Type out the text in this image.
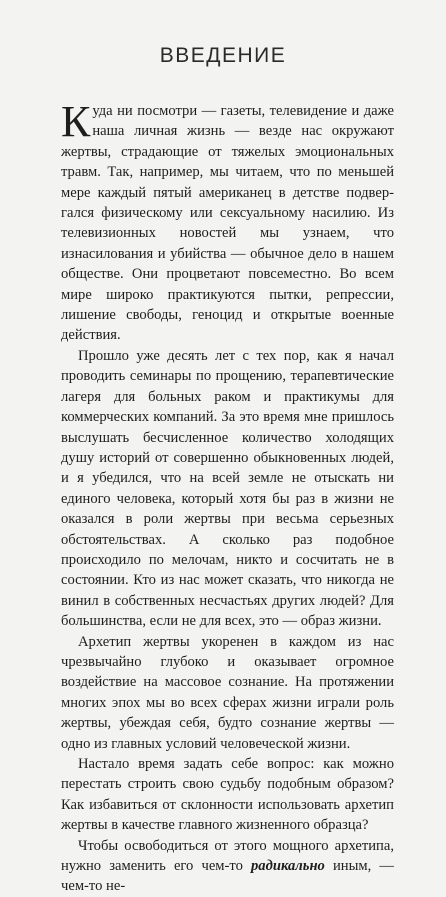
ВВЕДЕНИЕ

Куда ни посмотри — газеты, телевидение и даже наша личная жизнь — везде нас окружают жертвы, страдающие от тяжелых эмоциональных травм. Так, например, мы читаем, что по меньшей мере каждый пятый американец в детстве подвергался физическому или сексуальному насилию. Из телевизионных новостей мы узнаем, что изнасилования и убийства — обычное дело в нашем обществе. Они процветают повсеместно. Во всем мире широко практикуются пытки, репрессии, лишение свободы, геноцид и открытые военные действия.

Прошло уже десять лет с тех пор, как я начал проводить семинары по прощению, терапевтические лагеря для больных раком и практикумы для коммерческих компаний. За это время мне пришлось выслушать бесчисленное количество холодящих душу историй от совершенно обыкновенных людей, и я убедился, что на всей земле не отыскать ни единого человека, который хотя бы раз в жизни не оказался в роли жертвы при весьма серьезных обстоятельствах. А сколько раз подобное происходило по мелочам, никто и сосчитать не в состоянии. Кто из нас может сказать, что никогда не винил в собственных несчастьях других людей? Для большинства, если не для всех, это — образ жизни.

Архетип жертвы укоренен в каждом из нас чрезвычайно глубоко и оказывает огромное воздействие на массовое сознание. На протяжении многих эпох мы во всех сферах жизни играли роль жертвы, убеждая себя, будто сознание жертвы — одно из главных условий человеческой жизни.

Настало время задать себе вопрос: как можно перестать строить свою судьбу подобным образом? Как избавиться от склонности использовать архетип жертвы в качестве главного жизненного образца?

Чтобы освободиться от этого мощного архетипа, нужно заменить его чем-то радикально иным, — чем-то не-
